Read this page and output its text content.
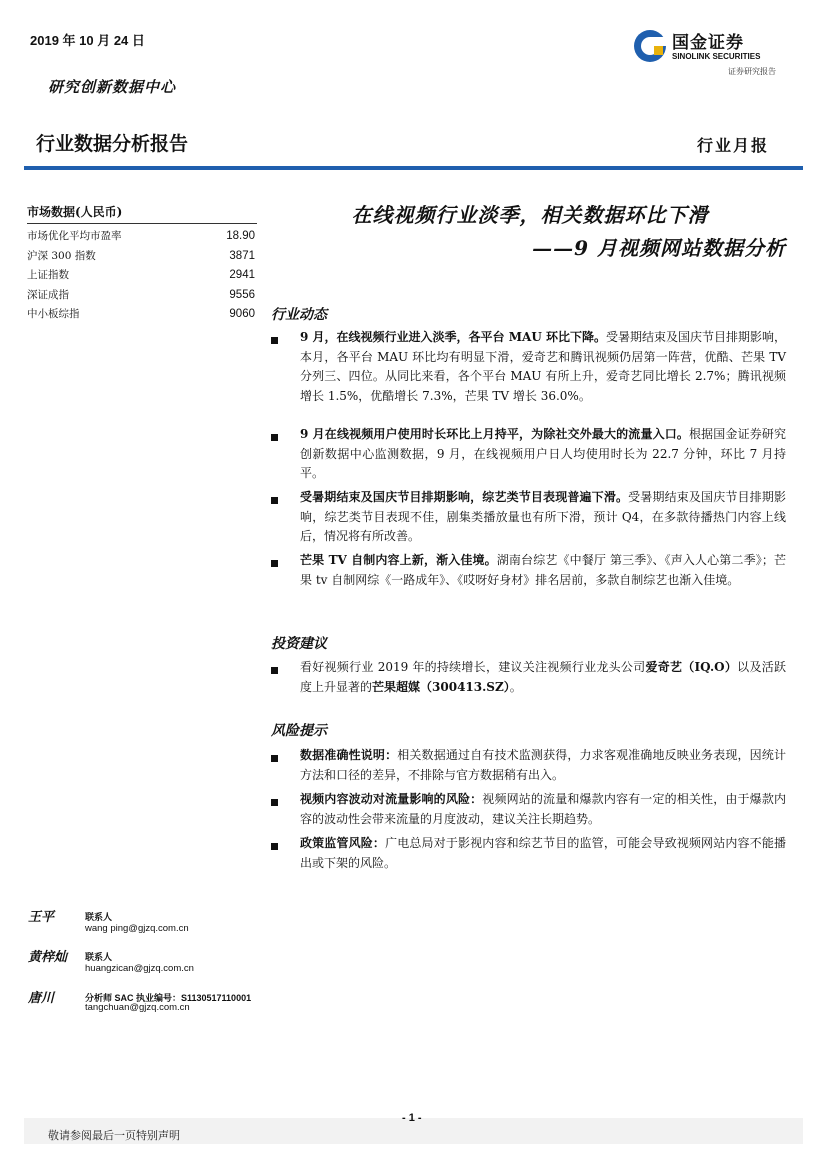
2019 年 10 月 24 日	国金证券
SINOLINK SECURITIES
证券研究报告
研究创新数据中心
行业数据分析报告	行业月报
市场数据(人民币)
市场优化平均市盈率	18.90
沪深 300 指数	3871
上证指数	2941
深证成指	9556
中小板综指	9060
在线视频行业淡季，相关数据环比下滑
——9 月视频网站数据分析
行业动态
9 月，在线视频行业进入淡季，各平台 MAU 环比下降。受暑期结束及国庆节目排期影响，本月，各平台 MAU 环比均有明显下滑，爱奇艺和腾讯视频仍居第一阵营，优酷、芒果 TV 分列三、四位。从同比来看，各个平台 MAU 有所上升，爱奇艺同比增长 2.7%；腾讯视频增长 1.5%，优酷增长 7.3%，芒果 TV 增长 36.0%。
9 月在线视频用户使用时长环比上月持平，为除社交外最大的流量入口。根据国金证券研究创新数据中心监测数据，9 月，在线视频用户日人均使用时长为 22.7 分钟，环比 7 月持平。
受暑期结束及国庆节目排期影响，综艺类节目表现普遍下滑。受暑期结束及国庆节目排期影响，综艺类节目表现不佳，剧集类播放量也有所下滑，预计 Q4，在多款待播热门内容上线后，情况将有所改善。
芒果 TV 自制内容上新，渐入佳境。湖南台综艺《中餐厅 第三季》、《声入人心第二季》；芒果 tv 自制网综《一路成年》、《哎呀好身材》排名居前，多款自制综艺也渐入佳境。
投资建议
看好视频行业 2019 年的持续增长，建议关注视频行业龙头公司爱奇艺（IQ.O）以及活跃度上升显著的芒果超媒（300413.SZ）。
风险提示
数据准确性说明：相关数据通过自有技术监测获得，力求客观准确地反映业务表现，因统计方法和口径的差异，不排除与官方数据稍有出入。
视频内容波动对流量影响的风险：视频网站的流量和爆款内容有一定的相关性，由于爆款内容的波动性会带来流量的月度波动，建议关注长期趋势。
政策监管风险：广电总局对于影视内容和综艺节目的监管，可能会导致视频网站内容不能播出或下架的风险。
王平	联系人
wang ping@gjzq.com.cn
黄梓灿 联系人
huangzican@gjzq.com.cn
唐川	分析师 SAC 执业编号：S1130517110001
tangchuan@gjzq.com.cn
- 1 -
敬请参阅最后一页特别声明
